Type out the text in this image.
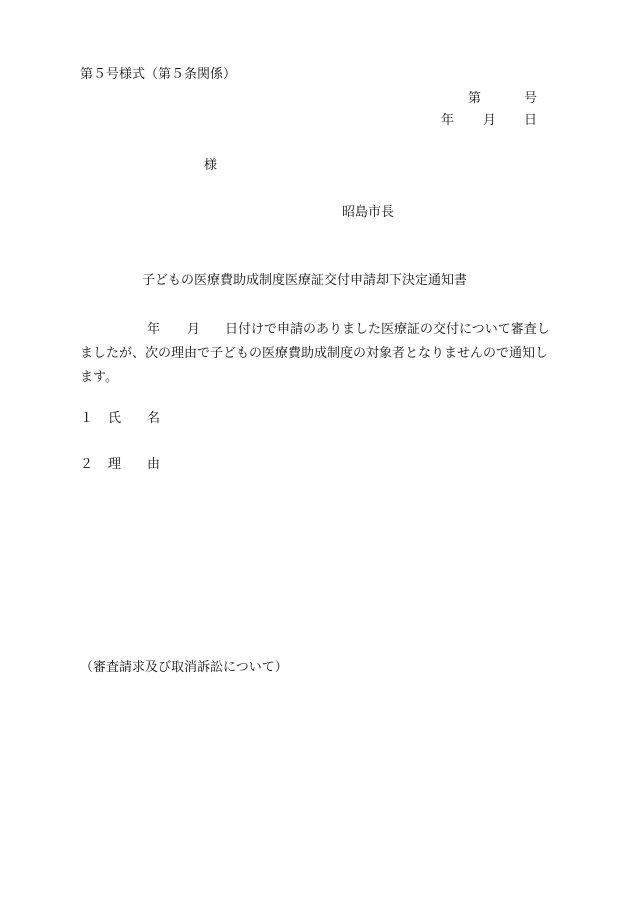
第５号様式（第５条関係）

第	号

年 月 日

様

昭島市長

子どもの医療費助成制度医療証交付申請却下決定通知書

年 月 日付けで申請のありました医療証の交付について審査しましたが、次の理由で子どもの医療費助成制度の対象者となりませんので通知します。

１ 氏 名

２ 理 由

（審査請求及び取消訴訟について）
